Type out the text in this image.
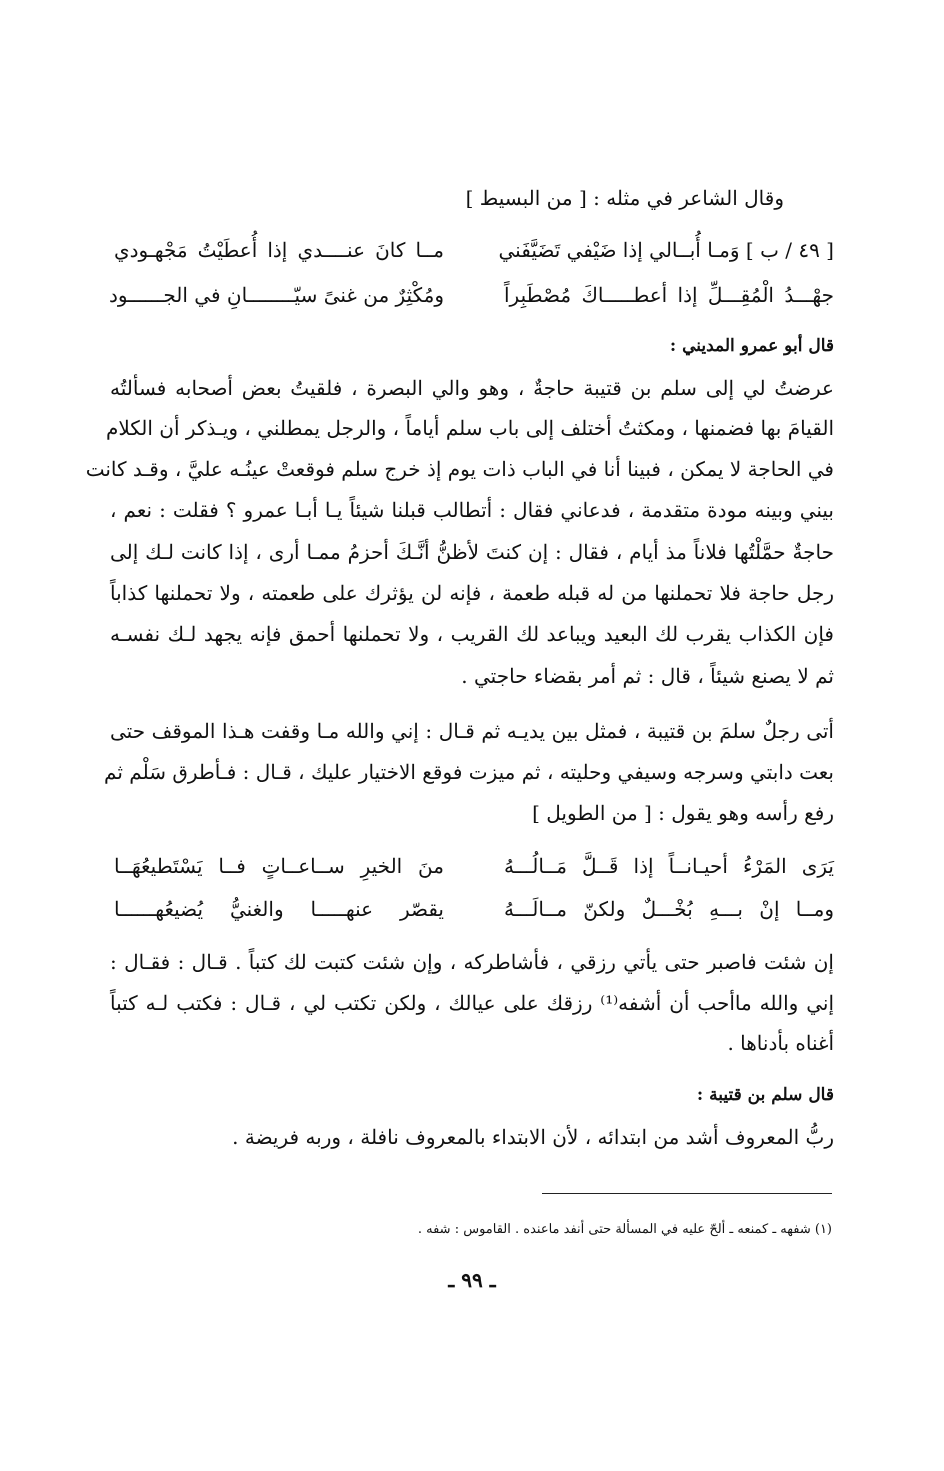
وقال الشاعر في مثله : [ من البسيط ]
[ ٤٩ / ب ] وَمـا أُبــالي إذا ضَيْفي تَضَيَّفَني
مــا كانَ عنــــدي إذا أُعطَيْتُ مَجْهـودي
جهْـــدُ الْمُقِـــلِّ إذا أعطـــــاكَ مُصْطَبِراً
ومُكْثِرٌ من غنىً سيّــــــــانِ في الجــــــود
قال أبو عمرو المديني :
عرضتُ لي إلى سلم بن قتيبة حاجةٌ ، وهو والي البصرة ، فلقيتُ بعض أصحابه فسألتُه
القيامَ بها فضمنها ، ومكثتُ أختلف إلى باب سلم أياماً ، والرجل يمطلني ، ويـذكر أن الكلام
في الحاجة لا يمكن ، فبينا أنا في الباب ذات يوم إذ خرج سلم فوقعتْ عينُـه عليَّ ، وقـد كانت
بيني وبينه مودة متقدمة ، فدعاني فقال : أتطالب قبلنا شيئاً يـا أبـا عمرو ؟ فقلت : نعم ،
حاجةٌ حمَّلْتُها فلاناً مذ أيام ، فقال : إن كنتَ لأظنُّ أنَّـكَ أحزمُ ممـا أرى ، إذا كانت لـك إلى
رجل حاجة فلا تحملنها من له قبله طعمة ، فإنه لن يؤثرك على طعمته ، ولا تحملنها كذاباً
فإن الكذاب يقرب لك البعيد ويباعد لك القريب ، ولا تحملنها أحمق فإنه يجهد لـك نفسـه
ثم لا يصنع شيئاً ، قال : ثم أمر بقضاء حاجتي .
أتى رجلٌ سلمَ بن قتيبة ، فمثل بين يديـه ثم قـال : إني والله مـا وقفت هـذا الموقف حتى
بعت دابتي وسرجه وسيفي وحليته ، ثم ميزت فوقع الاختيار عليك ، قـال : فـأطرق سَلْم ثم
رفع رأسه وهو يقول : [ من الطويل ]
يَرَى المَرْءُ أحيـانــاً إذا قَــلَّ مَــالُـــهُ
منَ الخيرِ ســاعــاتٍ فــا يَسْتَطيعُهَــا
ومــا إنْ بـــهِ بُخْـــلٌ ولكنّ مــالَـــهُ
يقصّر عنهـــــا والغنيُّ يُضيعُهــــــا
إن شئت فاصبر حتى يأتي رزقي ، فأشاطركه ، وإن شئت كتبت لك كتباً . قـال : فقـال :
إني والله ماأحب أن أشفه⁽¹⁾ رزقك على عيالك ، ولكن تكتب لي ، قـال : فكتب لـه كتباً
أغناه بأدناها .
قال سلم بن قتيبة :
ربُّ المعروف أشد من ابتدائه ، لأن الابتداء بالمعروف نافلة ، وربه فريضة .
(١) شفهه ـ كمنعه ـ ألحّ عليه في المسألة حتى أنفد ماعنده . القاموس : شفه .
ـ ٩٩ ـ
